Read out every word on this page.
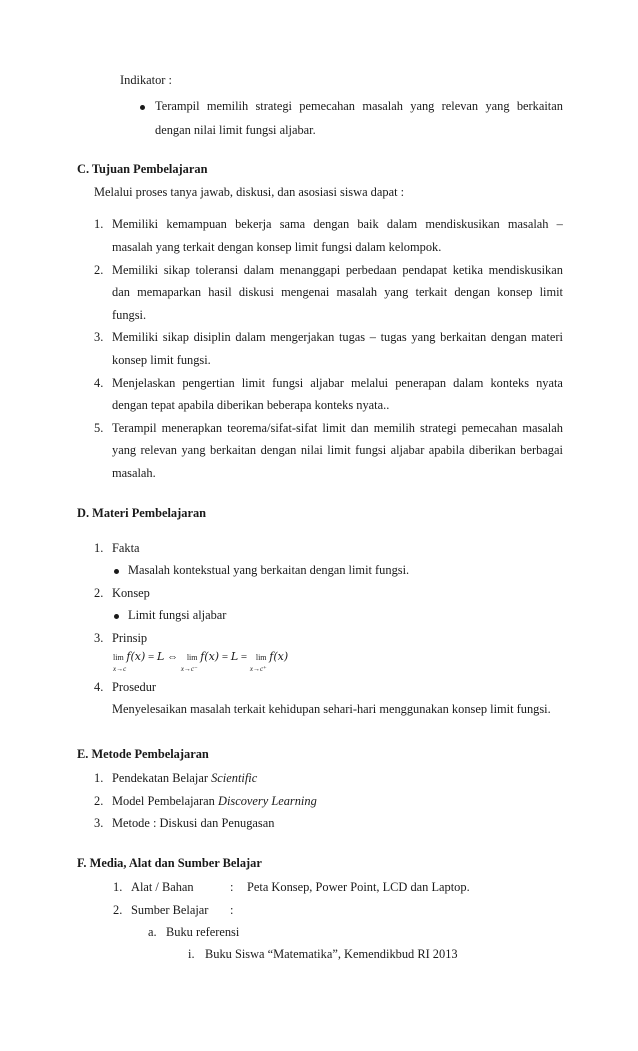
Indikator :
Terampil memilih strategi pemecahan masalah yang relevan yang berkaitan
dengan nilai limit fungsi aljabar.
C. Tujuan Pembelajaran
Melalui proses tanya jawab, diskusi, dan asosiasi siswa dapat :
1. Memiliki kemampuan bekerja sama dengan baik dalam mendiskusikan masalah –
masalah yang terkait dengan konsep limit fungsi dalam kelompok.
2. Memiliki sikap toleransi dalam menanggapi perbedaan pendapat ketika mendiskusikan
dan memaparkan hasil diskusi mengenai masalah yang terkait dengan konsep limit
fungsi.
3. Memiliki sikap disiplin dalam mengerjakan tugas – tugas yang berkaitan dengan materi
konsep limit fungsi.
4. Menjelaskan pengertian limit fungsi aljabar melalui penerapan dalam konteks nyata
dengan tepat apabila diberikan beberapa konteks nyata..
5. Terampil menerapkan teorema/sifat-sifat limit dan memilih strategi pemecahan masalah
yang relevan yang berkaitan dengan nilai limit fungsi aljabar apabila diberikan berbagai
masalah.
D. Materi Pembelajaran
1. Fakta
Masalah kontekstual yang berkaitan dengan limit fungsi.
2. Konsep
Limit fungsi aljabar
3. Prinsip
lim
x→c
f(x) = L ⇔ lim
x→c⁻
f(x) = L = lim
x→c⁺
f(x)
4. Prosedur
Menyelesaikan masalah terkait kehidupan sehari-hari menggunakan konsep limit fungsi.
E. Metode Pembelajaran
1. Pendekatan Belajar Scientific
2. Model Pembelajaran Discovery Learning
3. Metode : Diskusi dan Penugasan
F. Media, Alat dan Sumber Belajar
1. Alat / Bahan	: Peta Konsep, Power Point, LCD dan Laptop.
2. Sumber Belajar :
a. Buku referensi
i. Buku Siswa “Matematika”, Kemendikbud RI 2013
